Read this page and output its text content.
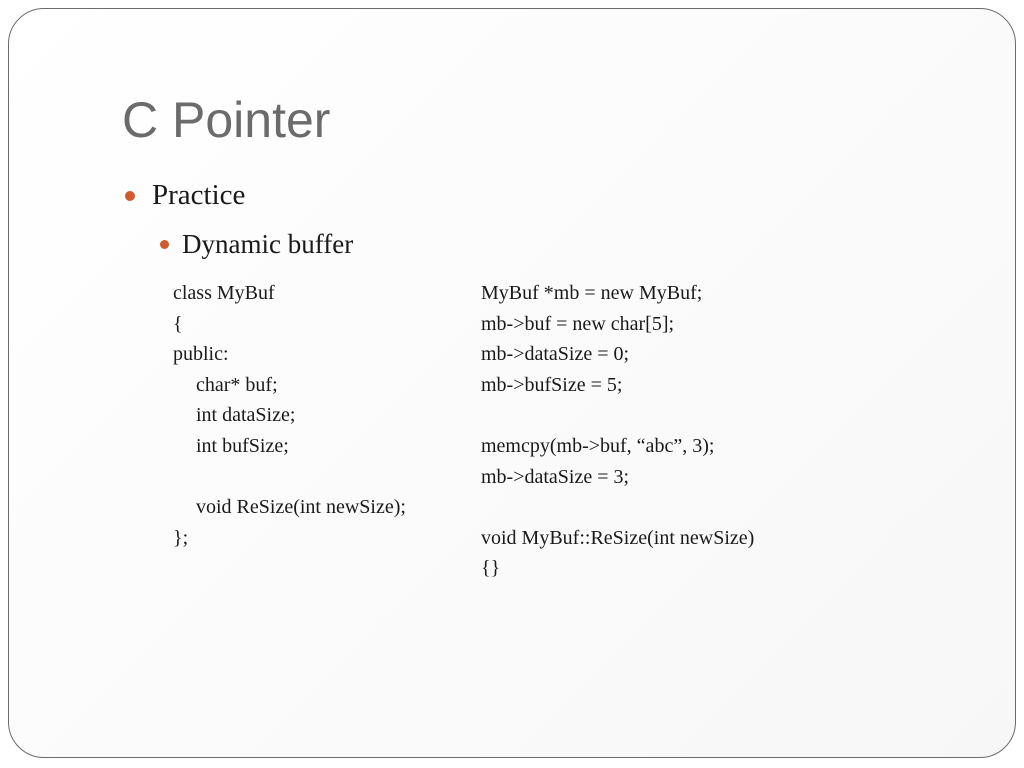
C Pointer
Practice
Dynamic buffer
class MyBuf
{
public:
char* buf;
int dataSize;
int bufSize;
void ReSize(int newSize);
};
MyBuf *mb = new MyBuf;
mb->buf = new char[5];
mb->dataSize = 0;
mb->bufSize = 5;
memcpy(mb->buf, “abc”, 3);
mb->dataSize = 3;
void MyBuf::ReSize(int newSize)
{}
